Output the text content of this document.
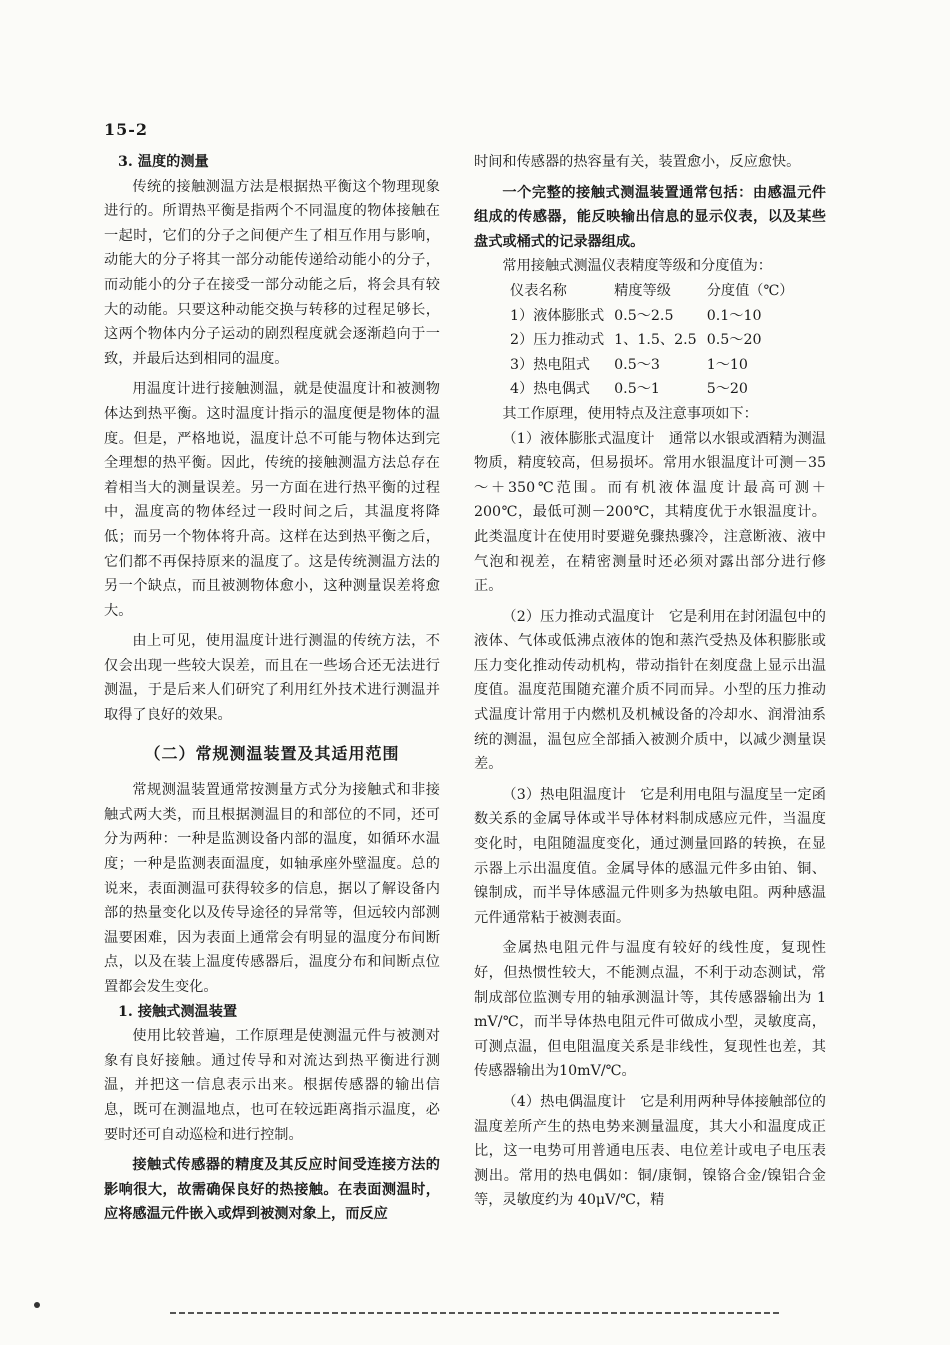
15-2
3. 温度的测量

传统的接触测温方法是根据热平衡这个物理现象进行的。所谓热平衡是指两个不同温度的物体接触在一起时，它们的分子之间便产生了相互作用与影响，动能大的分子将其一部分动能传递给动能小的分子，而动能小的分子在接受一部分动能之后，将会具有较大的动能。只要这种动能交换与转移的过程足够长，这两个物体内分子运动的剧烈程度就会逐渐趋向于一致，并最后达到相同的温度。

用温度计进行接触测温，就是使温度计和被测物体达到热平衡。这时温度计指示的温度便是物体的温度。但是，严格地说，温度计总不可能与物体达到完全理想的热平衡。因此，传统的接触测温方法总存在着相当大的测量误差。另一方面在进行热平衡的过程中，温度高的物体经过一段时间之后，其温度将降低；而另一个物体将升高。这样在达到热平衡之后，它们都不再保持原来的温度了。这是传统测温方法的另一个缺点，而且被测物体愈小，这种测量误差将愈大。

由上可见，使用温度计进行测温的传统方法，不仅会出现一些较大误差，而且在一些场合还无法进行测温，于是后来人们研究了利用红外技术进行测温并取得了良好的效果。

（二）常规测温装置及其适用范围

常规测温装置通常按测量方式分为接触式和非接触式两大类，而且根据测温目的和部位的不同，还可分为两种：一种是监测设备内部的温度，如循环水温度；一种是监测表面温度，如轴承座外壁温度。总的说来，表面测温可获得较多的信息，据以了解设备内部的热量变化以及传导途径的异常等，但远较内部测温要困难，因为表面上通常会有明显的温度分布间断点，以及在装上温度传感器后，温度分布和间断点位置都会发生变化。

1. 接触式测温装置

使用比较普遍，工作原理是使测温元件与被测对象有良好接触。通过传导和对流达到热平衡进行测温，并把这一信息表示出来。根据传感器的输出信息，既可在测温地点，也可在较远距离指示温度，必要时还可自动巡检和进行控制。

接触式传感器的精度及其反应时间受连接方法的影响很大，故需确保良好的热接触。在表面测温时，应将感温元件嵌入或焊到被测对象上，而反应

时间和传感器的热容量有关，装置愈小，反应愈快。

一个完整的接触式测温装置通常包括：由感温元件组成的传感器，能反映输出信息的显示仪表，以及某些盘式或桶式的记录器组成。

常用接触式测温仪表精度等级和分度值为：

仪表名称	精度等级	分度值（℃）
1）液体膨胀式	0.5～2.5	0.1～10
2）压力推动式	1、1.5、2.5	0.5～20
3）热电阻式	0.5～3	1～10
4）热电偶式	0.5～1	5～20

其工作原理，使用特点及注意事项如下：

（1）液体膨胀式温度计　通常以水银或酒精为测温物质，精度较高，但易损坏。常用水银温度计可测－35～＋350℃范围。而有机液体温度计最高可测＋200℃，最低可测－200℃，其精度优于水银温度计。此类温度计在使用时要避免骤热骤冷，注意断液、液中气泡和视差，在精密测量时还必须对露出部分进行修正。

（2）压力推动式温度计　它是利用在封闭温包中的液体、气体或低沸点液体的饱和蒸汽受热及体积膨胀或压力变化推动传动机构，带动指针在刻度盘上显示出温度值。温度范围随充灌介质不同而异。小型的压力推动式温度计常用于内燃机及机械设备的冷却水、润滑油系统的测温，温包应全部插入被测介质中，以减少测量误差。

（3）热电阻温度计　它是利用电阻与温度呈一定函数关系的金属导体或半导体材料制成感应元件，当温度变化时，电阻随温度变化，通过测量回路的转换，在显示器上示出温度值。金属导体的感温元件多由铂、铜、镍制成，而半导体感温元件则多为热敏电阻。两种感温元件通常粘于被测表面。

金属热电阻元件与温度有较好的线性度，复现性好，但热惯性较大，不能测点温，不利于动态测试，常制成部位监测专用的轴承测温计等，其传感器输出为 1 mV/℃，而半导体热电阻元件可做成小型，灵敏度高，可测点温，但电阻温度关系是非线性，复现性也差，其传感器输出为10mV/℃。

（4）热电偶温度计　它是利用两种导体接触部位的温度差所产生的热电势来测量温度，其大小和温度成正比，这一电势可用普通电压表、电位差计或电子电压表测出。常用的热电偶如：铜/康铜，镍铬合金/镍铝合金等，灵敏度约为 40μV/℃，精
